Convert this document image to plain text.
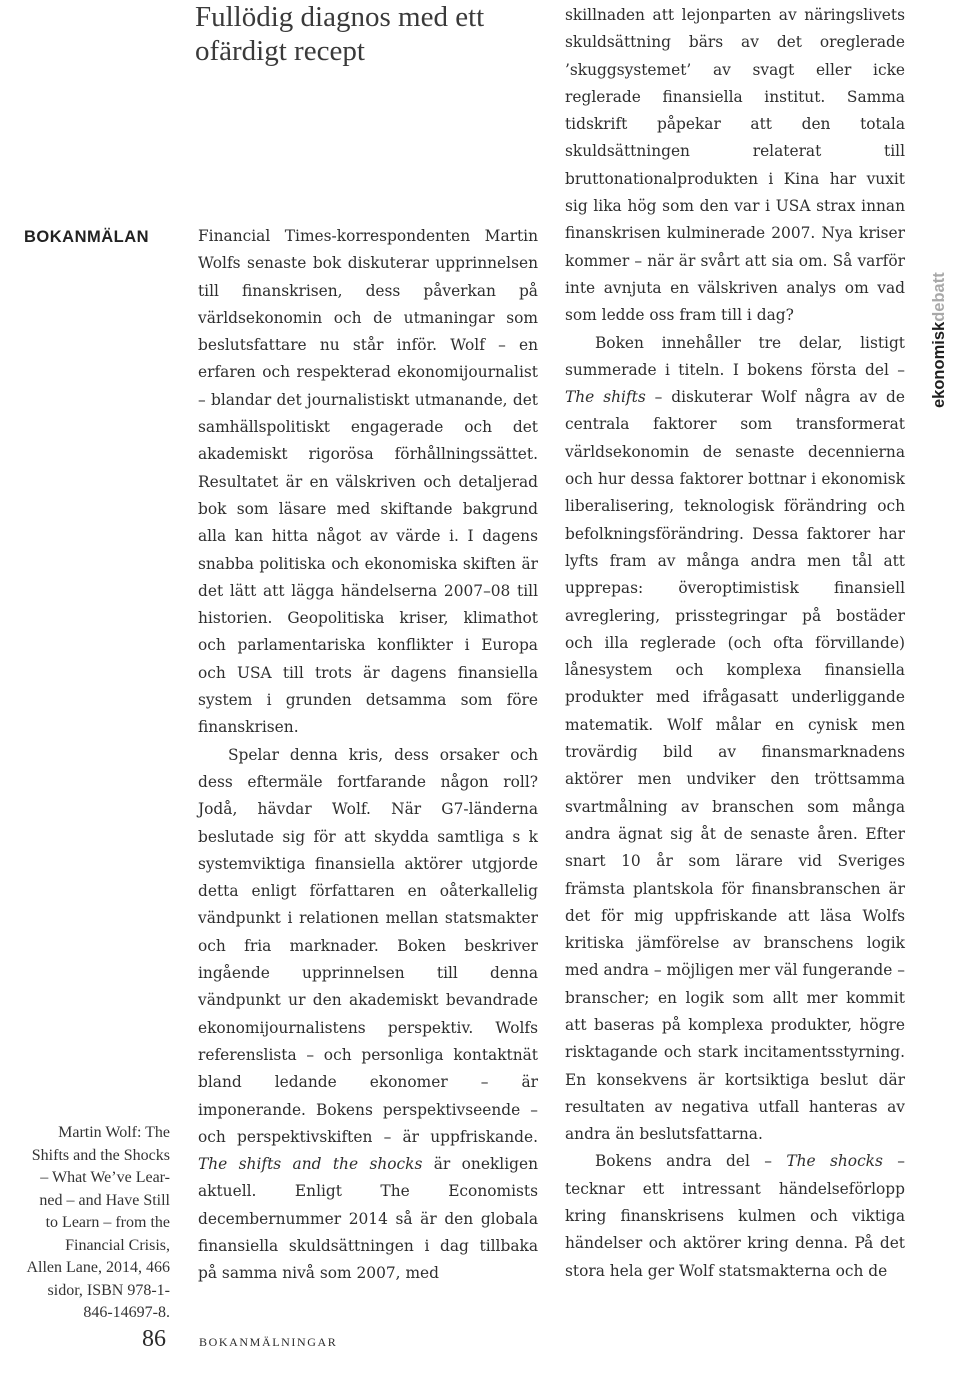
Fullödig diagnos med ett ofärdigt recept
BOKANMÄLAN
Martin Wolf: The
Shifts and the Shocks
– What We’ve Lear-
ned – and Have Still
to Learn – from the
Financial Crisis,
Allen Lane, 2014, 466
sidor, ISBN 978-1-
846-14697-8.

Financial Times-korrespondenten Martin Wolfs senaste bok diskuterar upprinnelsen till finanskrisen, dess påverkan på världsekonomin och de utmaningar som beslutsfattare nu står inför. Wolf – en erfaren och respekterad ekonomijournalist – blandar det journalistiskt utmanande, det samhällspolitiskt engagerade och det akademiskt rigorösa förhållningssättet. Resultatet är en välskriven och detaljerad bok som läsare med skiftande bakgrund alla kan hitta något av värde i. I dagens snabba politiska och ekonomiska skiften är det lätt att lägga händelserna 2007–08 till historien. Geopolitiska kriser, klimathot och parlamentariska konflikter i Europa och USA till trots är dagens finansiella system i grunden detsamma som före finanskrisen.

Spelar denna kris, dess orsaker och dess eftermäle fortfarande någon roll? Jodå, hävdar Wolf. När G7-länderna beslutade sig för att skydda samtliga s k systemviktiga finansiella aktörer utgjorde detta enligt författaren en oåterkallelig vändpunkt i relationen mellan statsmakter och fria marknader. Boken beskriver ingående upprinnelsen till denna vändpunkt ur den akademiskt bevandrade ekonomijournalistens perspektiv. Wolfs referenslista – och personliga kontaktnät bland ledande ekonomer – är imponerande. Bokens perspektivseende – och perspektivskiften – är uppfriskande. The shifts and the shocks är onekligen aktuell. Enligt The Economists decembernummer 2014 så är den globala finansiella skuldsättningen i dag tillbaka på samma nivå som 2007, med

skillnaden att lejonparten av näringslivets skuldsättning bärs av det oreglerade ’skuggsystemet’ av svagt eller icke reglerade finansiella institut. Samma tidskrift påpekar att den totala skuldsättningen relaterat till bruttonationalprodukten i Kina har vuxit sig lika hög som den var i USA strax innan finanskrisen kulminerade 2007. Nya kriser kommer – när är svårt att sia om. Så varför inte avnjuta en välskriven analys om vad som ledde oss fram till i dag?

Boken innehåller tre delar, listigt summerade i titeln. I bokens första del – The shifts – diskuterar Wolf några av de centrala faktorer som transformerat världsekonomin de senaste decennierna och hur dessa faktorer bottnar i ekonomisk liberalisering, teknologisk förändring och befolkningsförändring. Dessa faktorer har lyfts fram av många andra men tål att upprepas: överoptimistisk finansiell avreglering, prisstegringar på bostäder och illa reglerade (och ofta förvillande) lånesystem och komplexa finansiella produkter med ifrågasatt underliggande matematik. Wolf målar en cynisk men trovärdig bild av finansmarknadens aktörer men undviker den tröttsamma svartmålning av branschen som många andra ägnat sig åt de senaste åren. Efter snart 10 år som lärare vid Sveriges främsta plantskola för finansbranschen är det för mig uppfriskande att läsa Wolfs kritiska jämförelse av branschens logik med andra – möjligen mer väl fungerande – branscher; en logik som allt mer kommit att baseras på komplexa produkter, högre risktagande och stark incitamentsstyrning. En konsekvens är kortsiktiga beslut där resultaten av negativa utfall hanteras av andra än beslutsfattarna.

Bokens andra del – The shocks – tecknar ett intressant händelseförlopp kring finanskrisens kulmen och viktiga händelser och aktörer kring denna. På det stora hela ger Wolf statsmakterna och de

ekonomiskdebatt
86	BOKANMÄLNINGAR
